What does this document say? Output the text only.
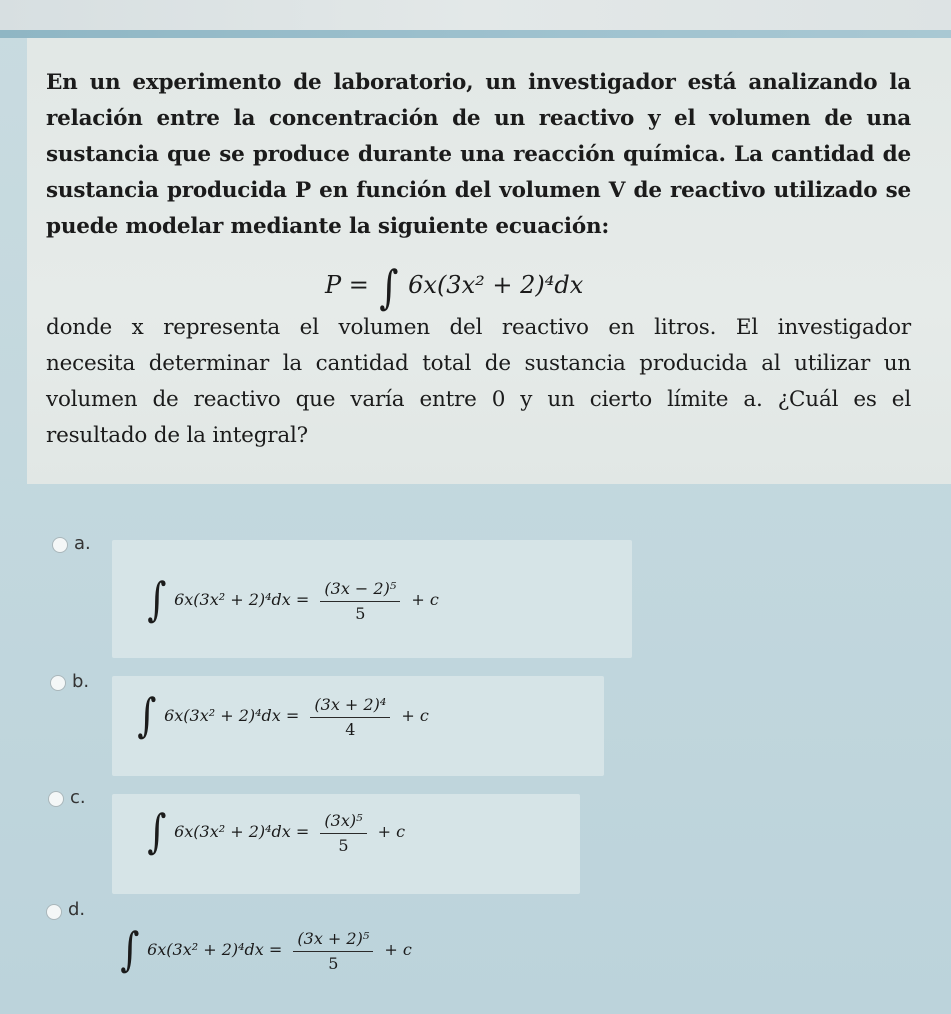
En un experimento de laboratorio, un investigador está analizando la
relación entre la concentración de un reactivo y el volumen de una
sustancia que se produce durante una reacción química. La cantidad de
sustancia producida P en función del volumen V de reactivo utilizado se
puede modelar mediante la siguiente ecuación:
P = ∫ 6x(3x² + 2)⁴dx
donde x representa el volumen del reactivo en litros. El investigador
necesita determinar la cantidad total de sustancia producida al utilizar un
volumen de reactivo que varía entre 0 y un cierto límite a. ¿Cuál es el
resultado de la integral?
a.
∫ $6x(3x^2 + 2)^4dx = \frac{\text{(3x − 2)⁵}}{5} + c$
b.
∫ $6x(3x^2 + 2)^4dx = \frac{\text{(3x + 2)⁴}}{4} + c$
c.
∫ $6x(3x^2 + 2)^4dx = \frac{\text{(3x)⁵}}{5} + c$
d.
∫ $6x(3x^2 + 2)^4dx = \frac{\text{(3x + 2)⁵}}{5} + c$
